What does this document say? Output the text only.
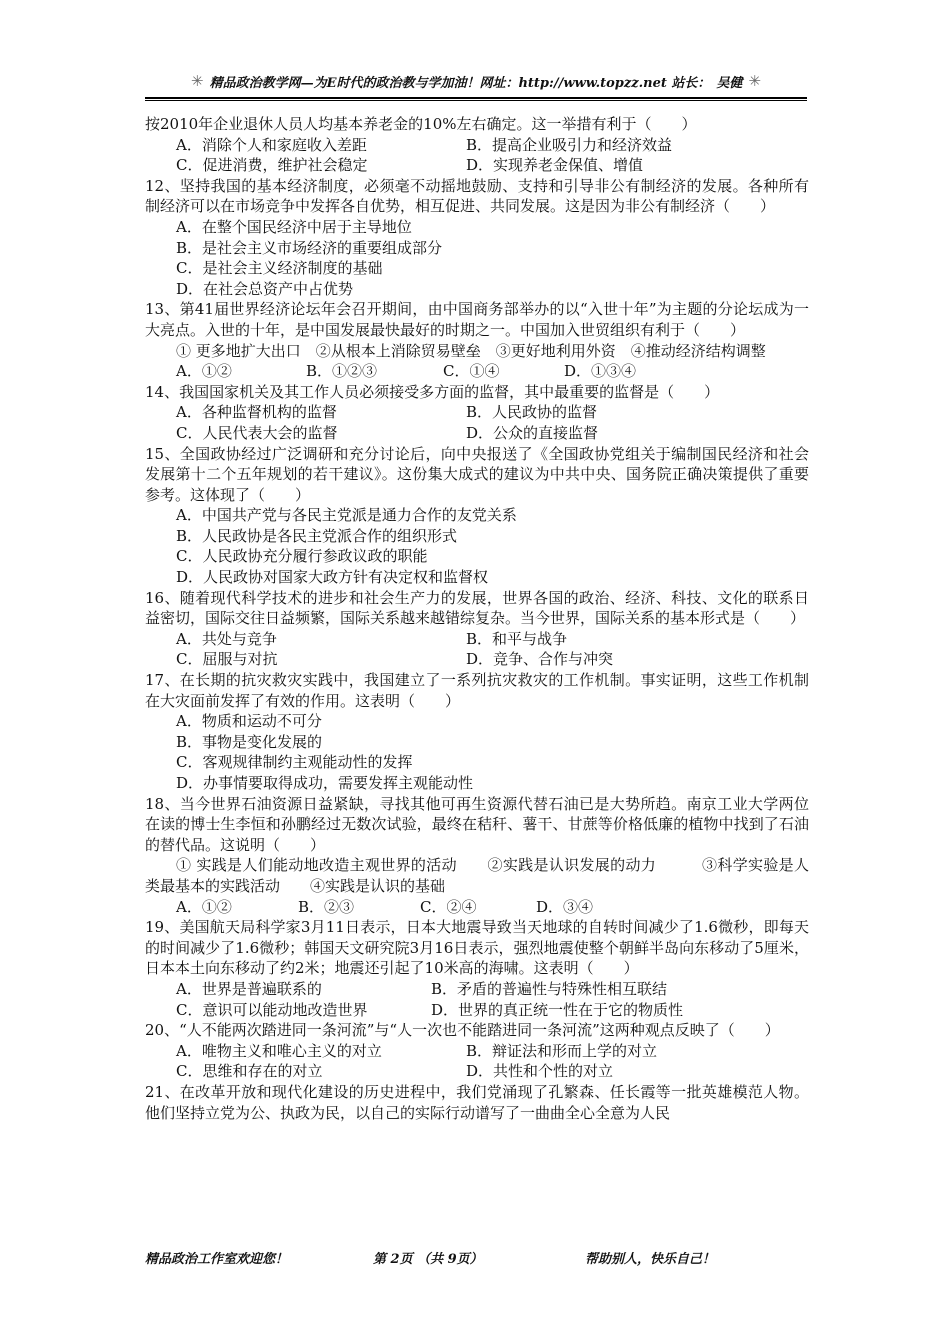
✳ 精品政治教学网—为E时代的政治教与学加油！网址：http://www.topzz.net 站长： 吴健 ✳

按2010年企业退休人员人均基本养老金的10%左右确定。这一举措有利于（　　）

A．消除个人和家庭收入差距	B．提高企业吸引力和经济效益
C．促进消费，维护社会稳定	D．实现养老金保值、增值

12、坚持我国的基本经济制度，必须毫不动摇地鼓励、支持和引导非公有制经济的发展。各种所有制经济可以在市场竞争中发挥各自优势，相互促进、共同发展。这是因为非公有制经济（　　）

A．在整个国民经济中居于主导地位

B．是社会主义市场经济的重要组成部分

C．是社会主义经济制度的基础

D．在社会总资产中占优势

13、第41届世界经济论坛年会召开期间，由中国商务部举办的以“入世十年”为主题的分论坛成为一大亮点。入世的十年，是中国发展最快最好的时期之一。中国加入世贸组织有利于（　　）

① 更多地扩大出口　②从根本上消除贸易壁垒　③更好地利用外资　④推动经济结构调整

A．①②	B．①②③	C．①④	D．①③④

14、我国国家机关及其工作人员必须接受多方面的监督，其中最重要的监督是（　　）

A．各种监督机构的监督	B．人民政协的监督
C．人民代表大会的监督	D．公众的直接监督

15、全国政协经过广泛调研和充分讨论后，向中央报送了《全国政协党组关于编制国民经济和社会发展第十二个五年规划的若干建议》。这份集大成式的建议为中共中央、国务院正确决策提供了重要参考。这体现了（　　）

A．中国共产党与各民主党派是通力合作的友党关系

B．人民政协是各民主党派合作的组织形式

C．人民政协充分履行参政议政的职能

D．人民政协对国家大政方针有决定权和监督权

16、随着现代科学技术的进步和社会生产力的发展，世界各国的政治、经济、科技、文化的联系日益密切，国际交往日益频繁，国际关系越来越错综复杂。当今世界，国际关系的基本形式是（　　）

A．共处与竞争	B．和平与战争
C．屈服与对抗	D．竞争、合作与冲突

17、在长期的抗灾救灾实践中，我国建立了一系列抗灾救灾的工作机制。事实证明，这些工作机制在大灾面前发挥了有效的作用。这表明（　　）

A．物质和运动不可分

B．事物是变化发展的

C．客观规律制约主观能动性的发挥

D．办事情要取得成功，需要发挥主观能动性

18、当今世界石油资源日益紧缺，寻找其他可再生资源代替石油已是大势所趋。南京工业大学两位在读的博士生李恒和孙鹏经过无数次试验，最终在秸秆、薯干、甘蔗等价格低廉的植物中找到了石油的替代品。这说明（　　）

① 实践是人们能动地改造主观世界的活动　　②实践是认识发展的动力　　　③科学实验是人类最基本的实践活动　　④实践是认识的基础

A．①②	B．②③	C．②④	D．③④

19、美国航天局科学家3月11日表示，日本大地震导致当天地球的自转时间减少了1.6微秒，即每天的时间减少了1.6微秒；韩国天文研究院3月16日表示，强烈地震使整个朝鲜半岛向东移动了5厘米，日本本土向东移动了约2米；地震还引起了10米高的海啸。这表明（　　）

A．世界是普遍联系的	B．矛盾的普遍性与特殊性相互联结
C．意识可以能动地改造世界	D．世界的真正统一性在于它的物质性

20、“人不能两次踏进同一条河流”与“人一次也不能踏进同一条河流”这两种观点反映了（　　）

A．唯物主义和唯心主义的对立	B．辩证法和形而上学的对立
C．思维和存在的对立	D．共性和个性的对立

21、在改革开放和现代化建设的历史进程中，我们党涌现了孔繁森、任长霞等一批英雄模范人物。他们坚持立党为公、执政为民，以自己的实际行动谱写了一曲曲全心全意为人民

精品政治工作室欢迎您！	第 2页 （共 9页）	帮助别人，快乐自己！
